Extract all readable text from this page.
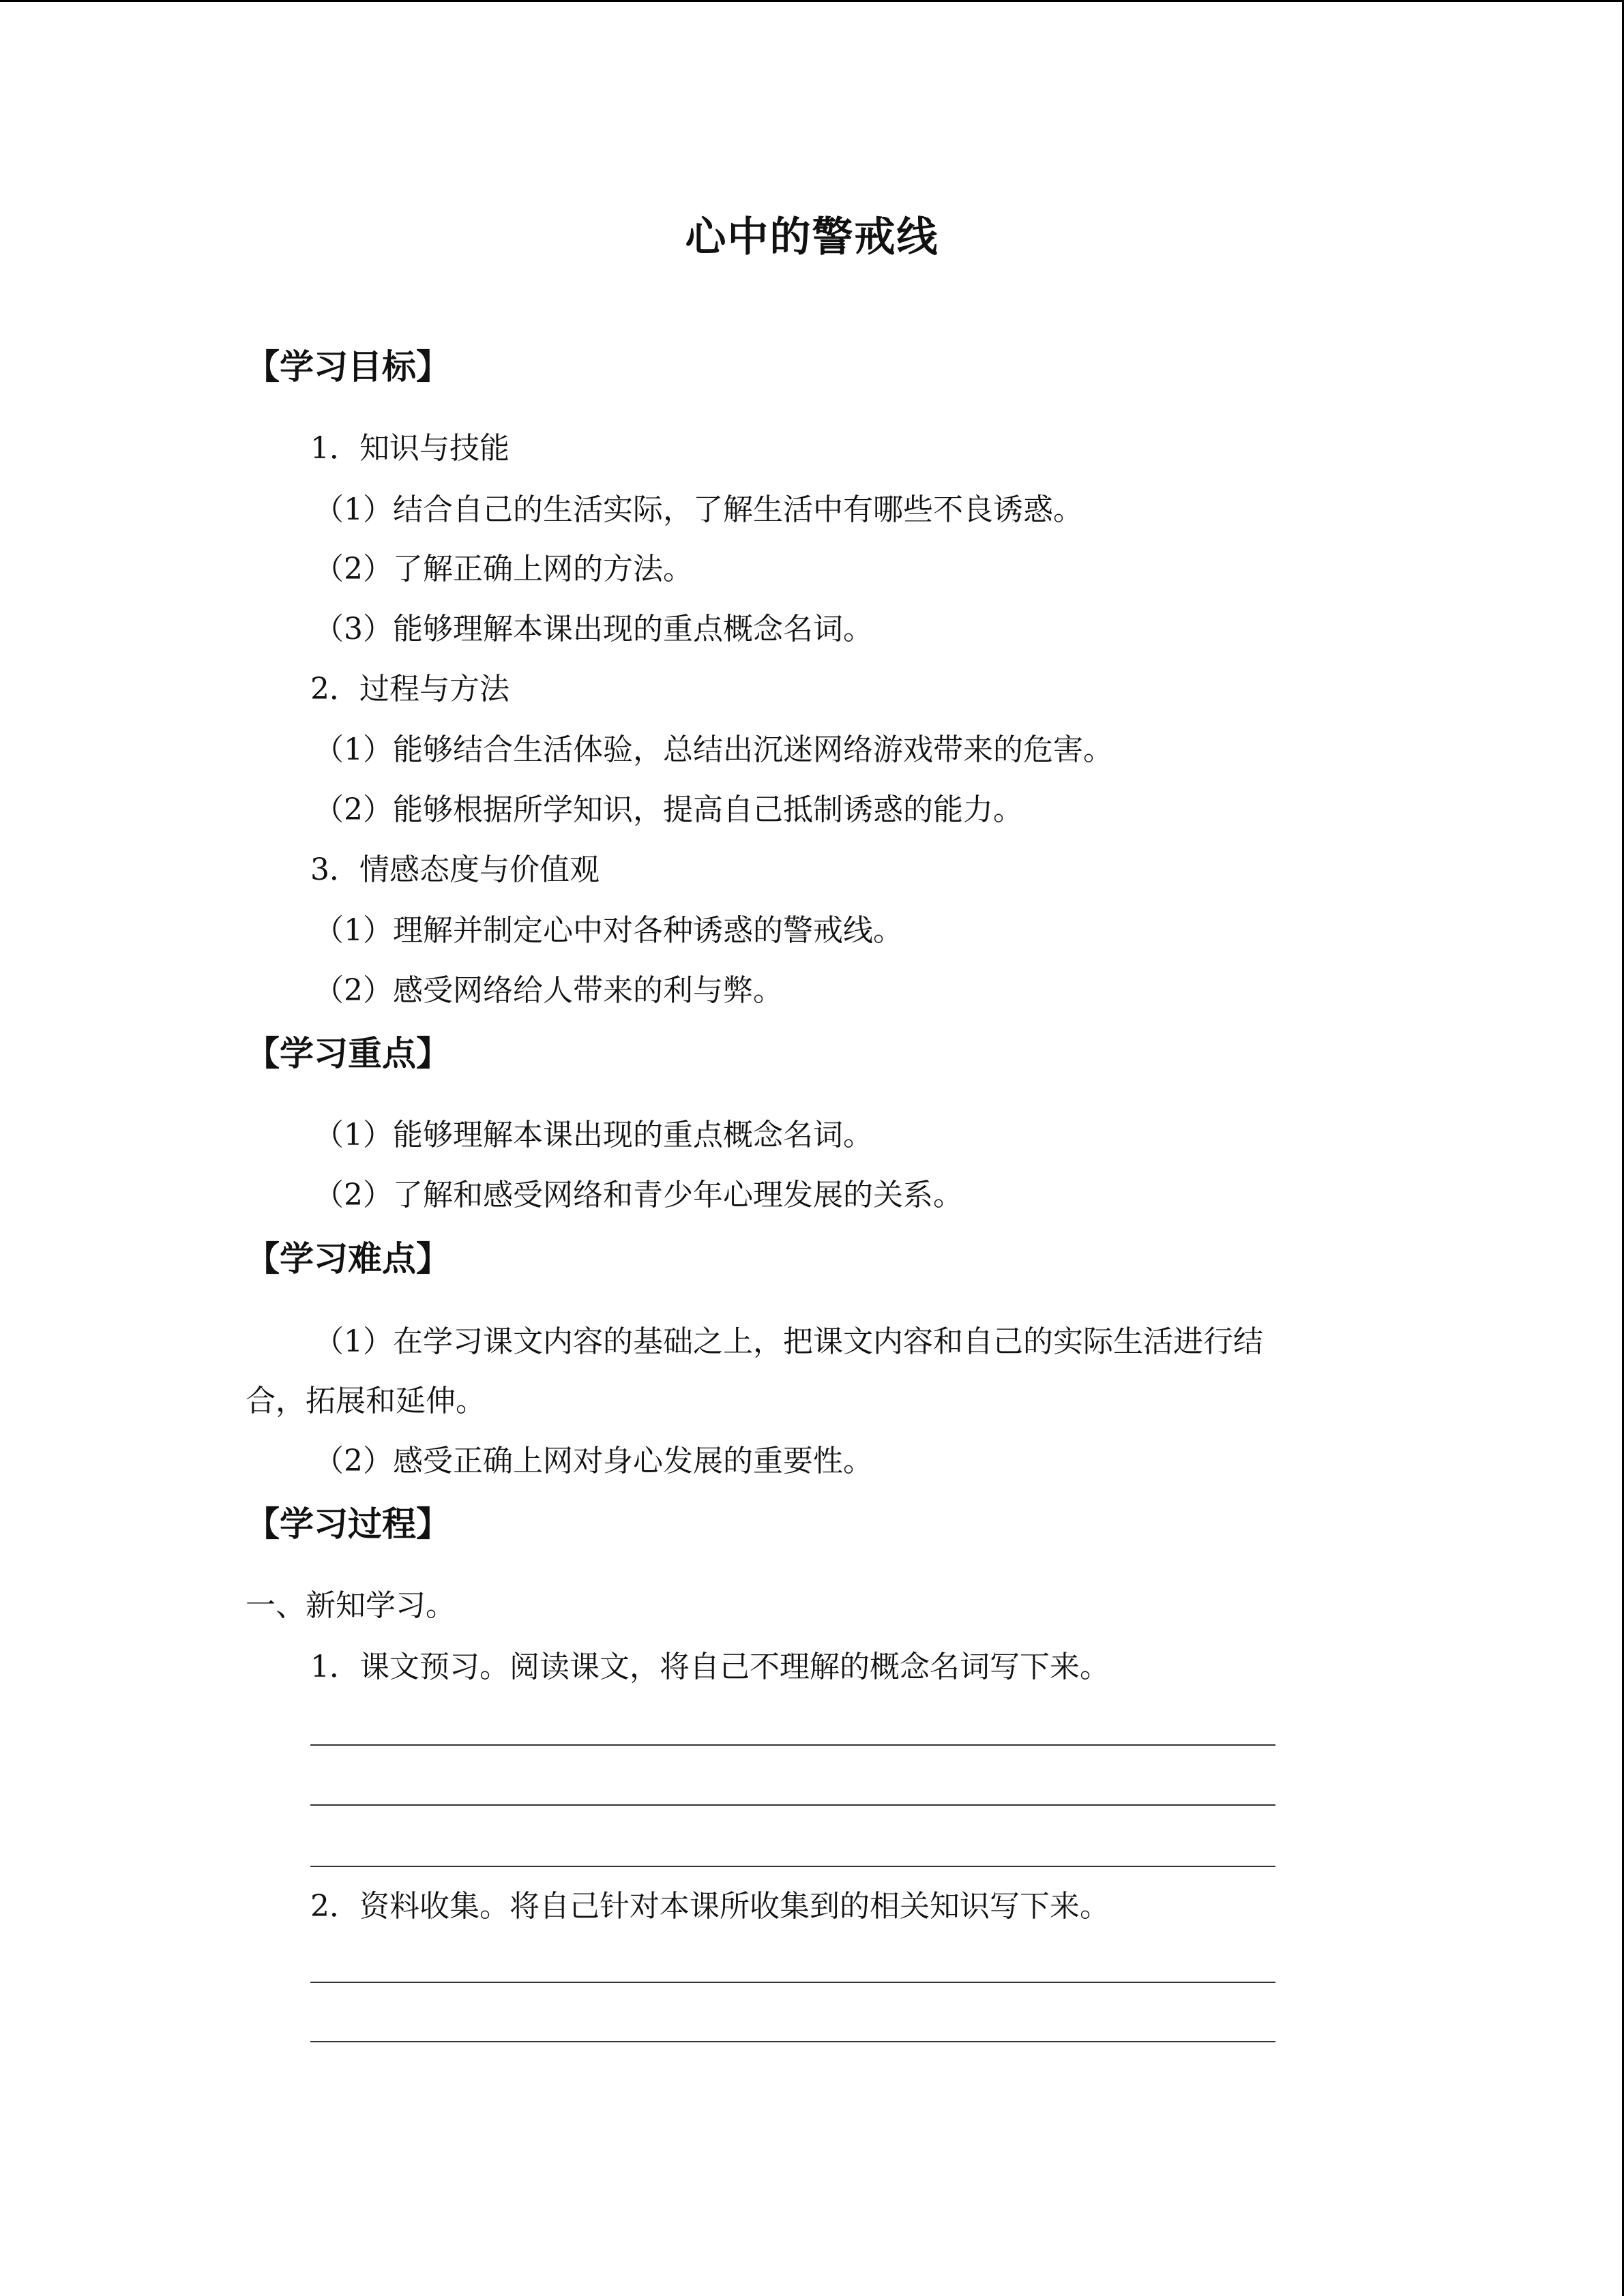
心中的警戒线
【学习目标】
1．知识与技能
（1）结合自己的生活实际，了解生活中有哪些不良诱惑。
（2）了解正确上网的方法。
（3）能够理解本课出现的重点概念名词。
2．过程与方法
（1）能够结合生活体验，总结出沉迷网络游戏带来的危害。
（2）能够根据所学知识，提高自己抵制诱惑的能力。
3．情感态度与价值观
（1）理解并制定心中对各种诱惑的警戒线。
（2）感受网络给人带来的利与弊。
【学习重点】
（1）能够理解本课出现的重点概念名词。
（2）了解和感受网络和青少年心理发展的关系。
【学习难点】
（1）在学习课文内容的基础之上，把课文内容和自己的实际生活进行结
合，拓展和延伸。
（2）感受正确上网对身心发展的重要性。
【学习过程】
一、新知学习。
1．课文预习。阅读课文，将自己不理解的概念名词写下来。
2．资料收集。将自己针对本课所收集到的相关知识写下来。
